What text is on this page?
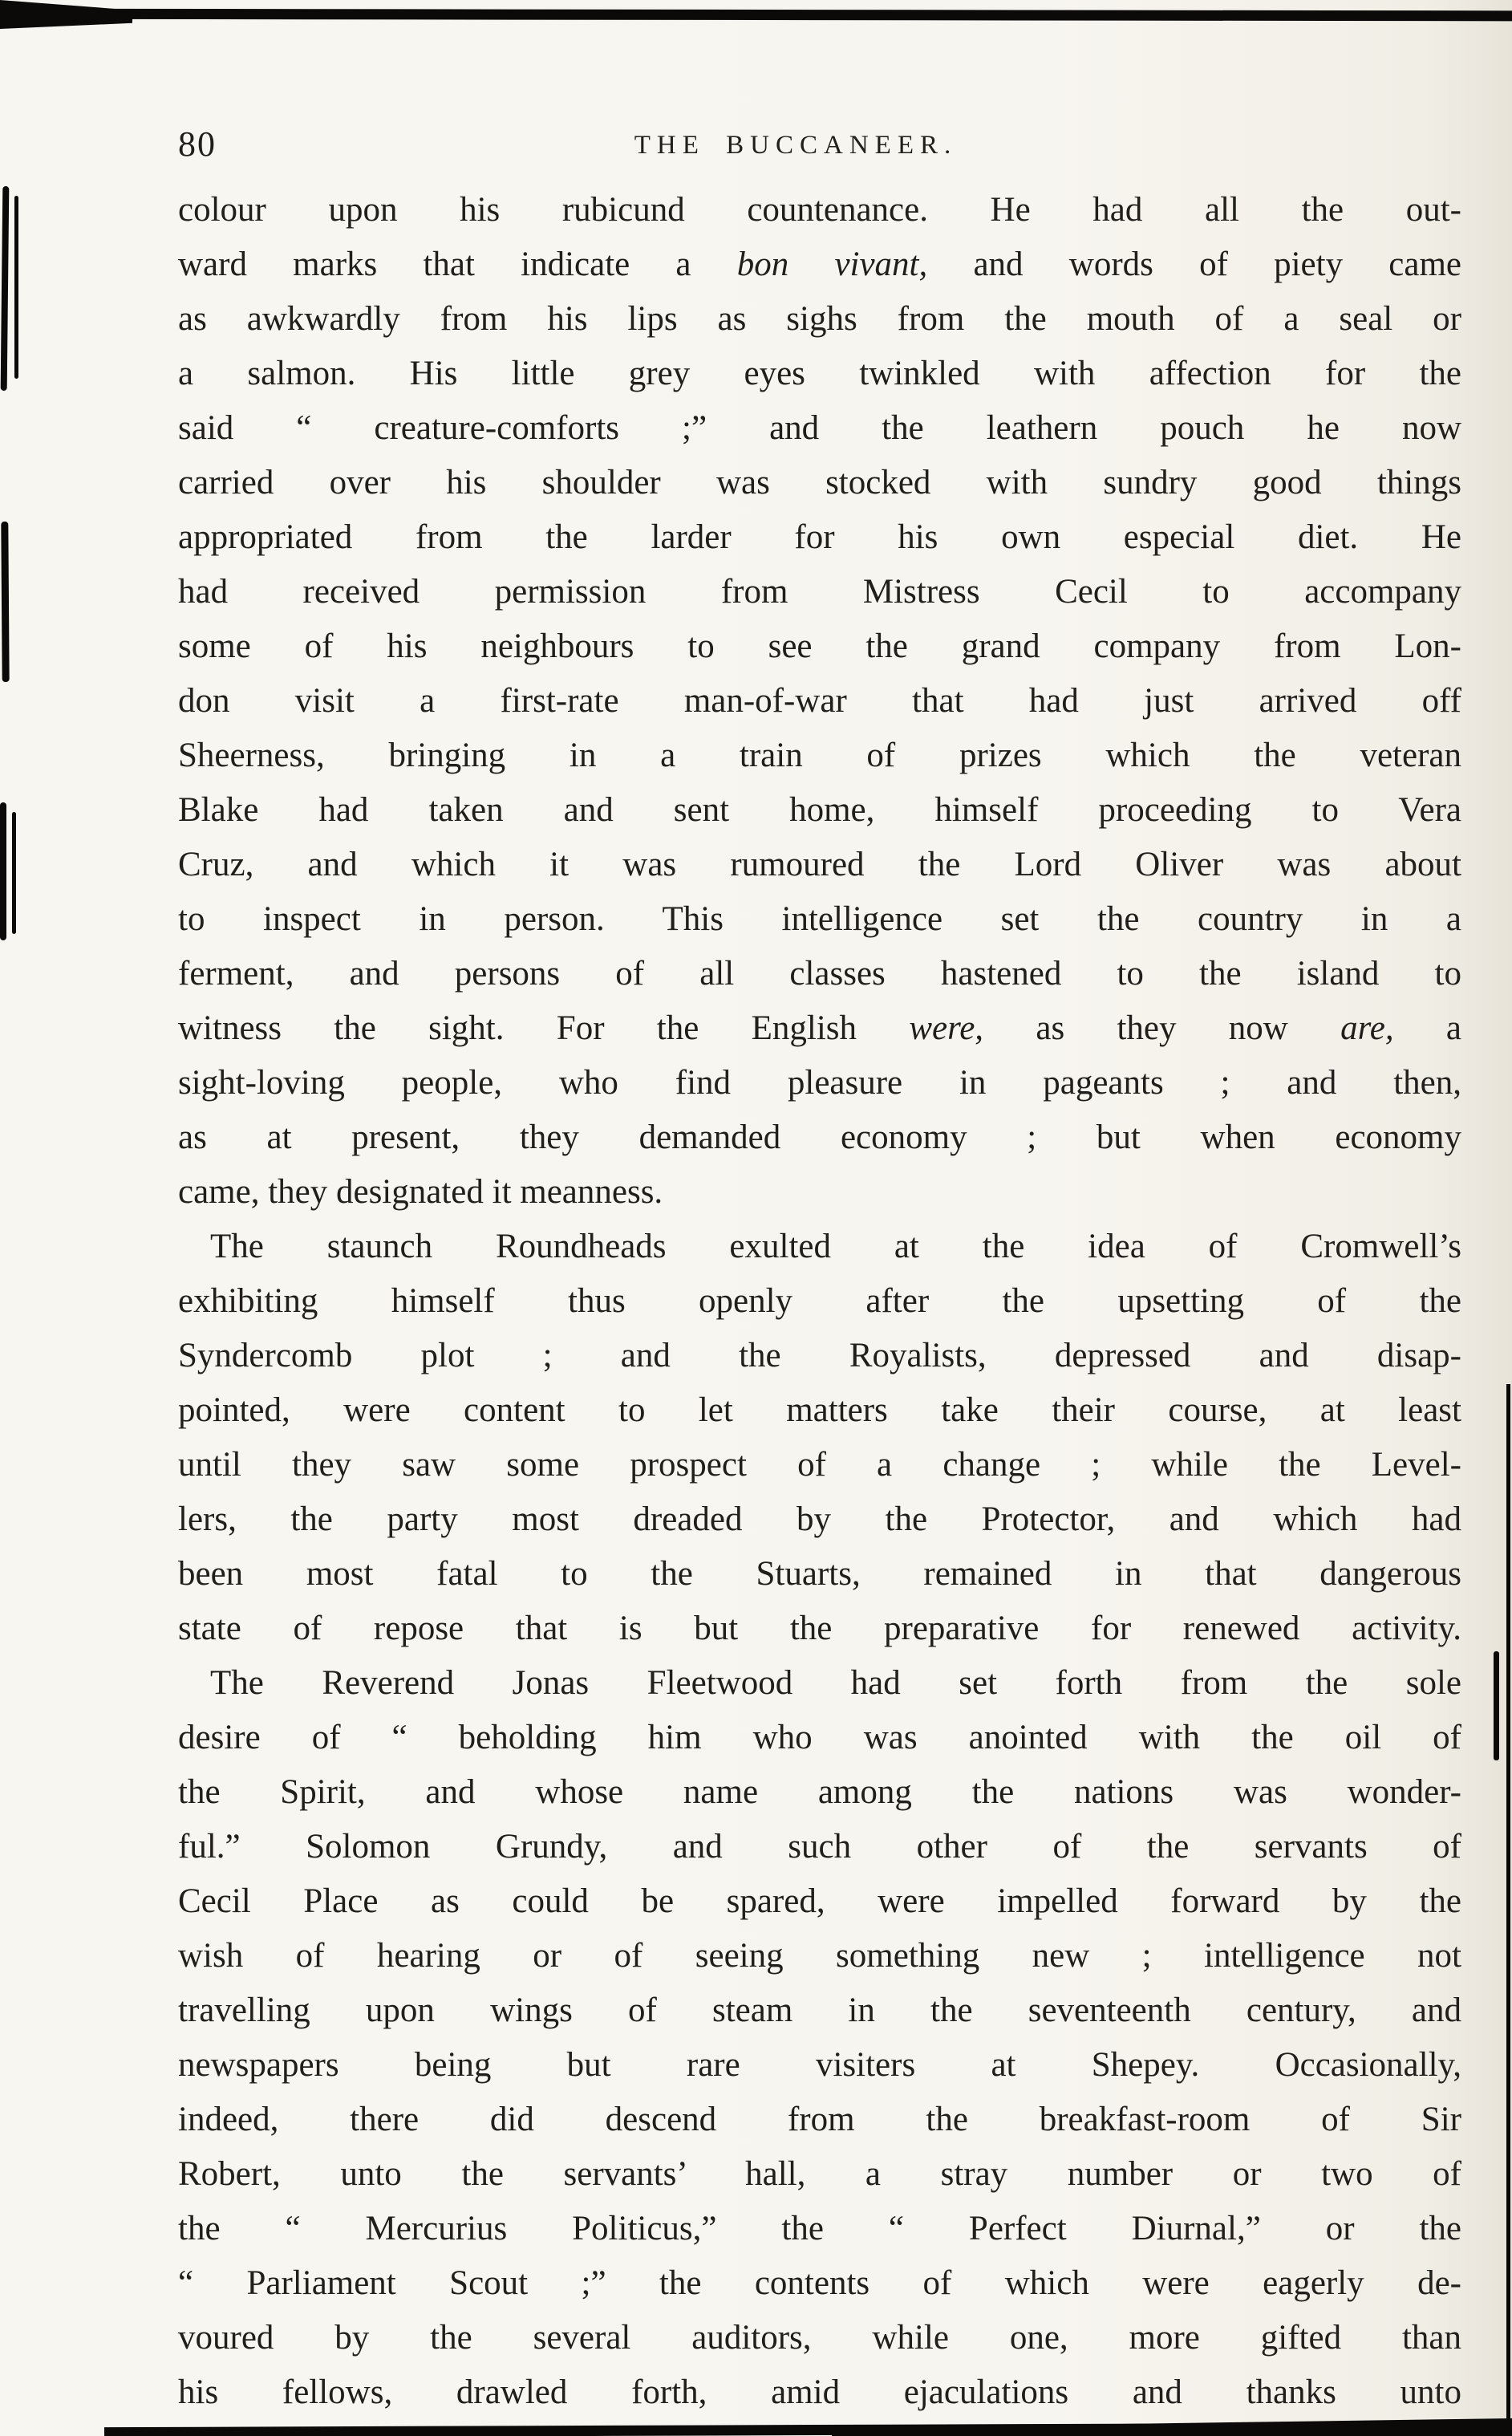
80	THE BUCCANEER.
colour upon his rubicund countenance. He had all the out-
ward marks that indicate a bon vivant, and words of piety came
as awkwardly from his lips as sighs from the mouth of a seal or
a salmon. His little grey eyes twinkled with affection for the
said “ creature-comforts ;” and the leathern pouch he now
carried over his shoulder was stocked with sundry good things
appropriated from the larder for his own especial diet. He
had received permission from Mistress Cecil to accompany
some of his neighbours to see the grand company from Lon-
don visit a first-rate man-of-war that had just arrived off
Sheerness, bringing in a train of prizes which the veteran
Blake had taken and sent home, himself proceeding to Vera
Cruz, and which it was rumoured the Lord Oliver was about
to inspect in person. This intelligence set the country in a
ferment, and persons of all classes hastened to the island to
witness the sight. For the English were, as they now are, a
sight-loving people, who find pleasure in pageants ; and then,
as at present, they demanded economy ; but when economy
came, they designated it meanness.
The staunch Roundheads exulted at the idea of Cromwell’s
exhibiting himself thus openly after the upsetting of the
Syndercomb plot ; and the Royalists, depressed and disap-
pointed, were content to let matters take their course, at least
until they saw some prospect of a change ; while the Level-
lers, the party most dreaded by the Protector, and which had
been most fatal to the Stuarts, remained in that dangerous
state of repose that is but the preparative for renewed activity.
The Reverend Jonas Fleetwood had set forth from the sole
desire of “ beholding him who was anointed with the oil of
the Spirit, and whose name among the nations was wonder-
ful.” Solomon Grundy, and such other of the servants of
Cecil Place as could be spared, were impelled forward by the
wish of hearing or of seeing something new ; intelligence not
travelling upon wings of steam in the seventeenth century, and
newspapers being but rare visiters at Shepey. Occasionally,
indeed, there did descend from the breakfast-room of Sir
Robert, unto the servants’ hall, a stray number or two of
the “ Mercurius Politicus,” the “ Perfect Diurnal,” or the
“ Parliament Scout ;” the contents of which were eagerly de-
voured by the several auditors, while one, more gifted than
his fellows, drawled forth, amid ejaculations and thanks unto
